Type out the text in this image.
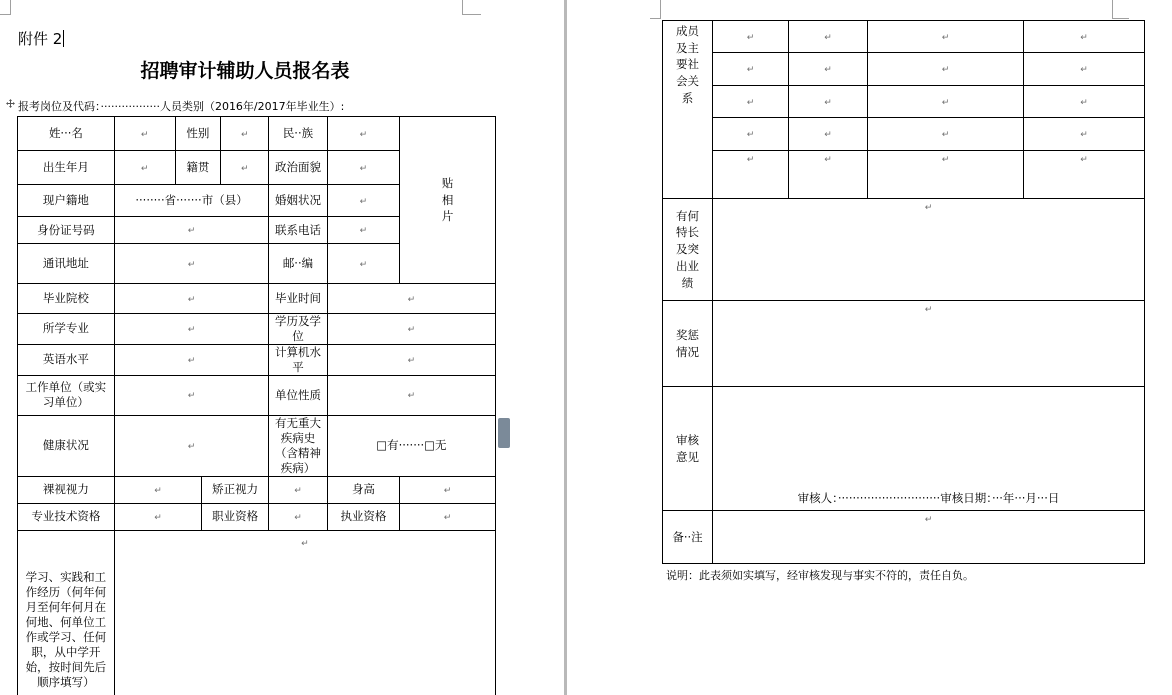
附件 2
招聘审计辅助人员报名表
报考岗位及代码：·················人员类别（2016年/2017年毕业生）:
姓···名	↵	性别		↵	民··族	↵	贴相片

出生年月	↵	籍贯		↵	政治面貌	↵	
现户籍地	········省·······市（县）				婚姻状况	↵	
身份证号码	↵				联系电话	↵	
通讯地址	↵				邮··编	↵	
毕业院校	↵				毕业时间	↵	
所学专业	↵				学历及学位	↵	
英语水平	↵				计算机水平	↵	
工作单位（或实习单位）	↵				单位性质	↵	
健康状况	↵				有无重大疾病史（含精神疾病）	□有·······□无	
裸视视力	↵		矫正视力		↵	身高	↵
专业技术资格	↵		职业资格		↵	执业资格	↵
学习、实践和工作经历（何年何月至何年何月在何地、何单位工作或学习、任何职，从中学开始，按时间先后顺序填写）	↵						
成员及主要社会关系	↵	↵	↵	↵
	↵	↵	↵	↵
	↵	↵	↵	↵
	↵	↵	↵	↵
	↵	↵	↵	↵

有何特长及突出业绩	↵			

奖惩情况	↵			

审核意见	审核人：····························审核日期：···年···月···日			
备··注	↵			
说明：此表须如实填写，经审核发现与事实不符的，责任自负。
